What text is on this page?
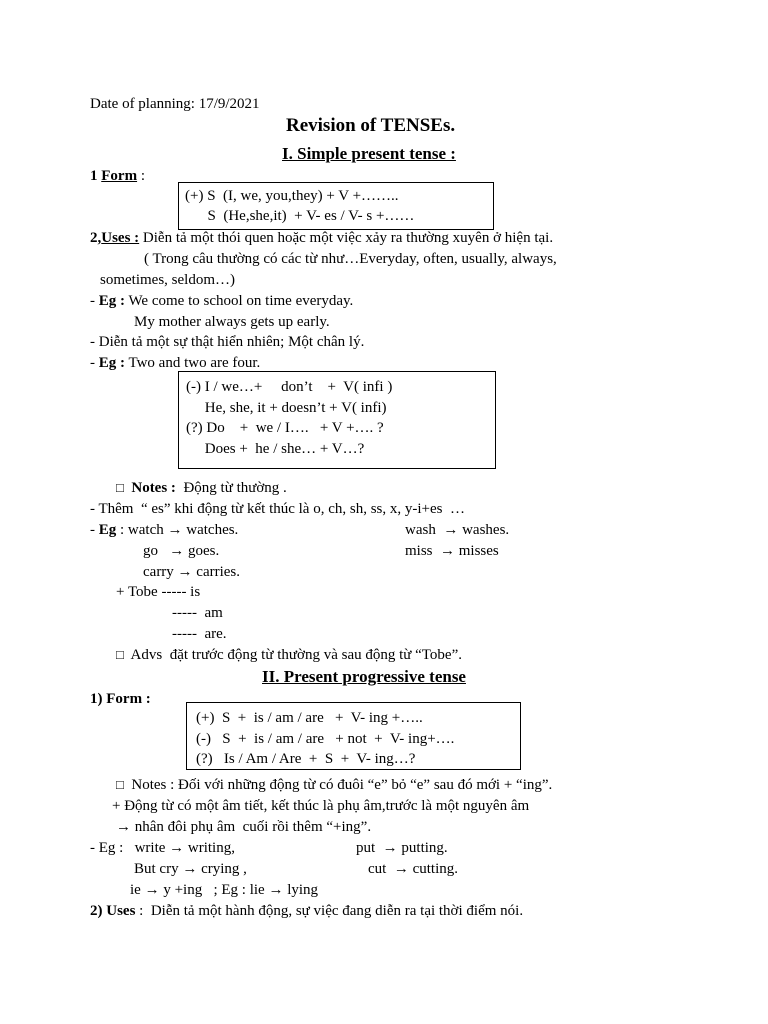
Date of planning: 17/9/2021
Revision of TENSEs.
I. Simple present tense :
1 Form :
(+) S  (I, we, you,they) + V +……..
S  (He,she,it)  + V- es / V- s +……
2,Uses : Diễn tả một thói quen hoặc một việc xảy ra thường xuyên ở hiện tại.
( Trong câu thường có các từ như…Everyday, often, usually, always,
sometimes, seldom…)
- Eg : We come to school on time everyday.
My mother always gets up early.
- Diễn tả một sự thật hiển nhiên; Một chân lý.
- Eg : Two and two are four.
(-) I / we…+     don’t    +  V( infi )
He, she, it + doesn’t + V( infi)
(?) Do    +  we / I….   + V +…. ?
Does +  he / she… + V…?
□ Notes :  Động từ thường .
- Thêm  “ es” khi động từ kết thúc là o, ch, sh, ss, x, y-i+es  …
- Eg : watch → watches.	wash  → washes.
go   → goes.	miss  → misses
carry → carries.
+ Tobe ----- is
-----  am
-----  are.
□ Advs  đặt trước động từ thường và sau động từ “Tobe”.
II. Present progressive tense
1) Form :
(+)  S  +  is / am / are   +  V- ing +…..
(-)   S  +  is / am / are   + not  +  V- ing+….
(?)   Is / Am / Are  +  S  +  V- ing…?
□ Notes : Đối với những động từ có đuôi “e” bỏ “e” sau đó mới + “ing”.
+ Động từ có một âm tiết, kết thúc là phụ âm,trước là một nguyên âm
→ nhân đôi phụ âm  cuối rồi thêm “+ing”.
- Eg :   write → writing,	put  → putting.
But cry → crying ,	cut  → cutting.
ie → y +ing   ; Eg : lie → lying
2) Uses :  Diễn tả một hành động, sự việc đang diễn ra tại thời điểm nói.
